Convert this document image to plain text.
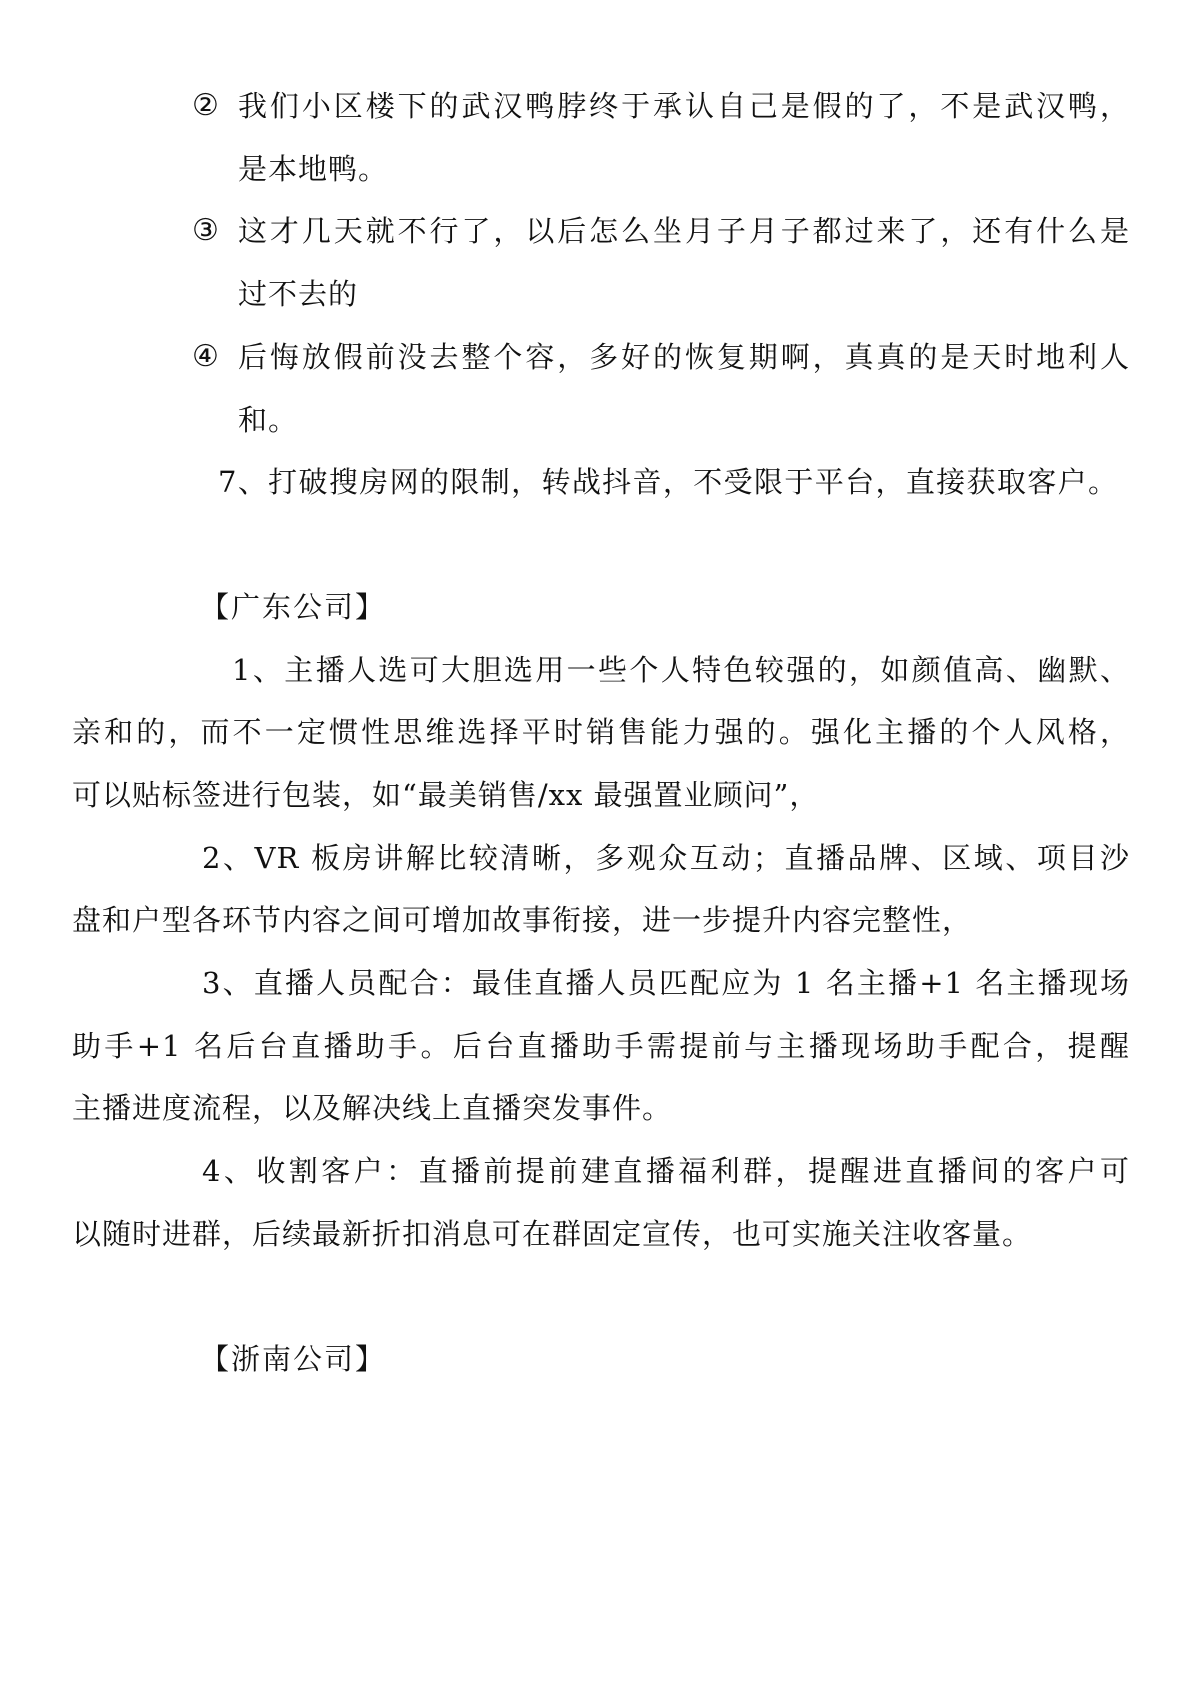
② 我们小区楼下的武汉鸭脖终于承认自己是假的了，不是武汉鸭，
是本地鸭。
③ 这才几天就不行了，以后怎么坐月子月子都过来了，还有什么是
过不去的
④ 后悔放假前没去整个容，多好的恢复期啊，真真的是天时地利人
和。
7、打破搜房网的限制，转战抖音，不受限于平台，直接获取客户。
【广东公司】
1、主播人选可大胆选用一些个人特色较强的，如颜值高、幽默、
亲和的，而不一定惯性思维选择平时销售能力强的。强化主播的个人风格，
可以贴标签进行包装，如“最美销售/xx 最强置业顾问”，
2、VR 板房讲解比较清晰，多观众互动；直播品牌、区域、项目沙
盘和户型各环节内容之间可增加故事衔接，进一步提升内容完整性，
3、直播人员配合：最佳直播人员匹配应为 1 名主播+1 名主播现场
助手+1 名后台直播助手。后台直播助手需提前与主播现场助手配合，提醒
主播进度流程，以及解决线上直播突发事件。
4、收割客户：直播前提前建直播福利群，提醒进直播间的客户可
以随时进群，后续最新折扣消息可在群固定宣传，也可实施关注收客量。
【浙南公司】
